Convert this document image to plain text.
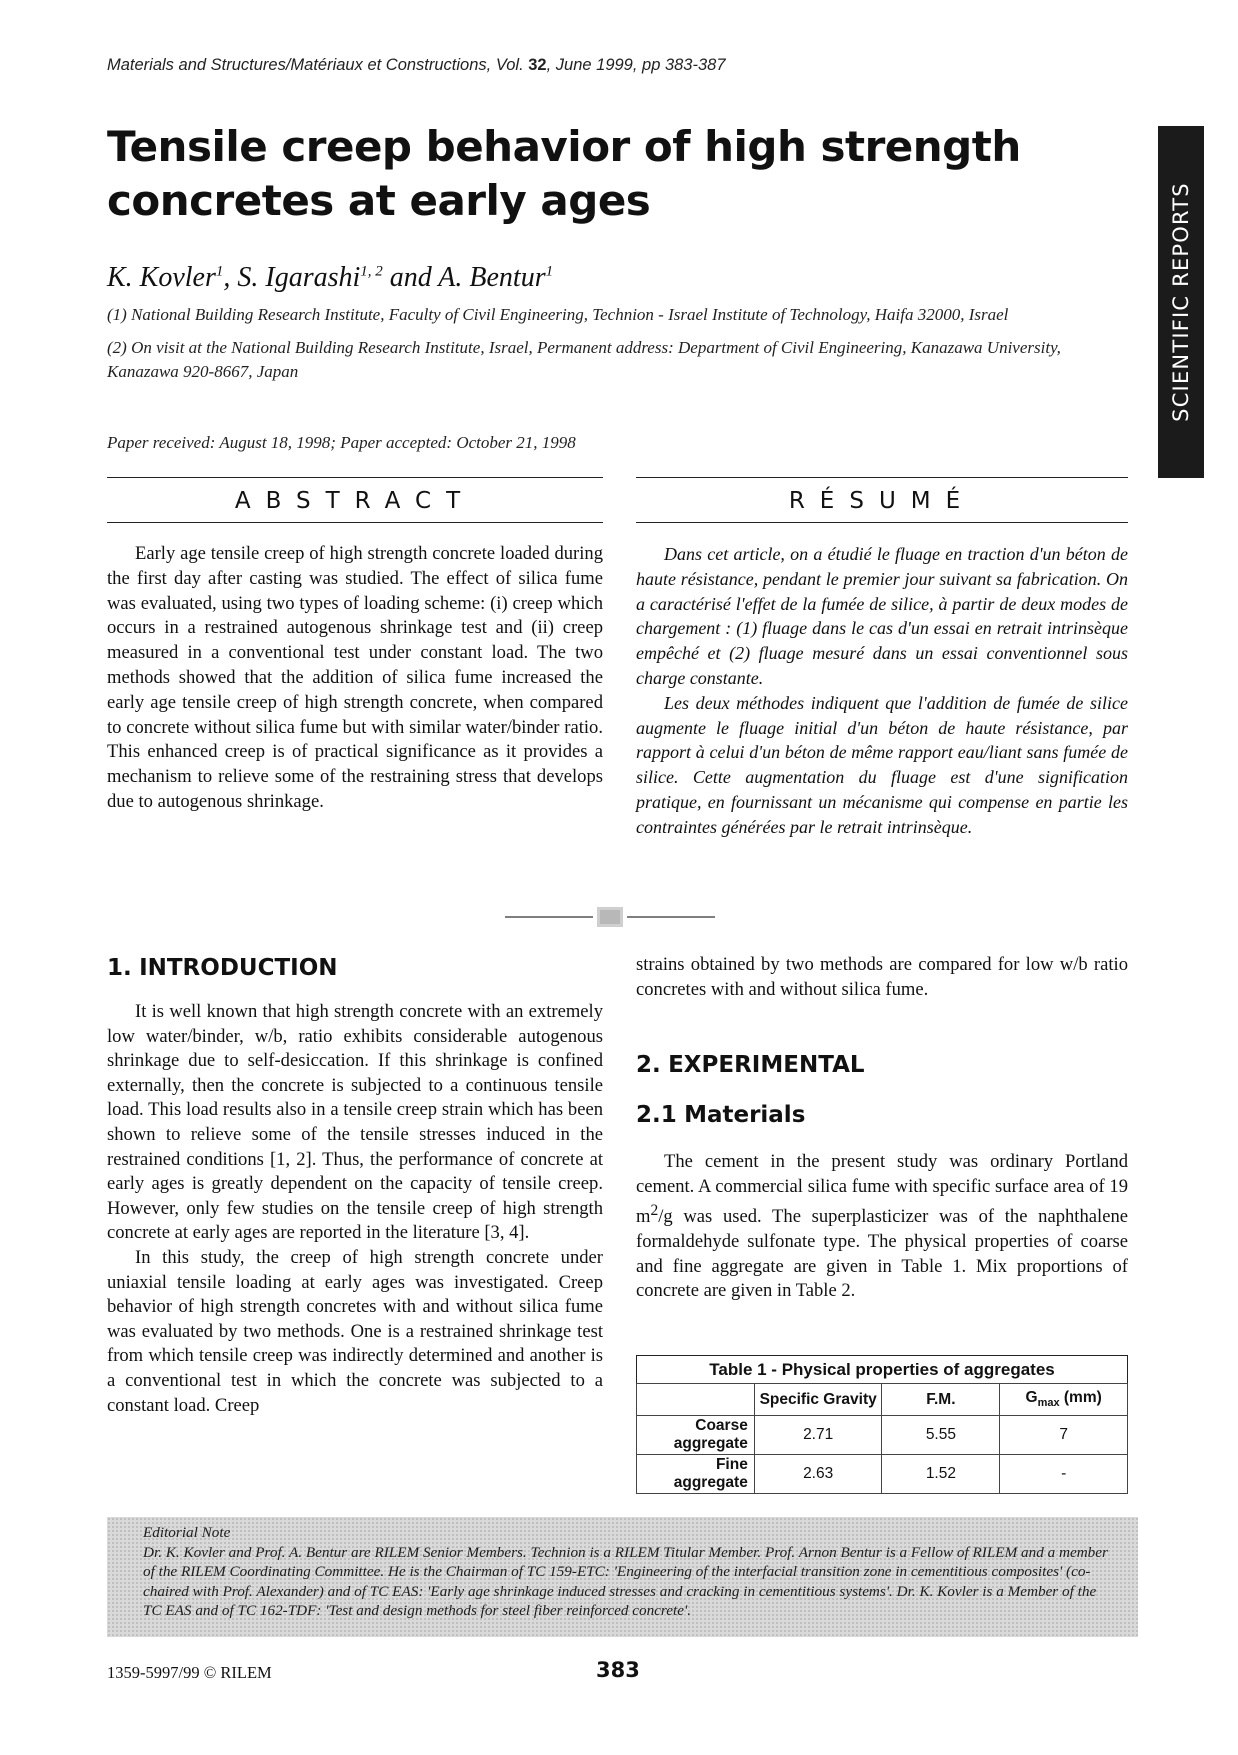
Materials and Structures/Matériaux et Constructions, Vol. 32, June 1999, pp 383-387
Tensile creep behavior of high strength concretes at early ages	SCIENTIFIC REPORTS
K. Kovler$^1$, S. Igarashi$^{1, 2}$ and A. Bentur$^1$
(1) National Building Research Institute, Faculty of Civil Engineering, Technion - Israel Institute of Technology, Haifa 32000, Israel
(2) On visit at the National Building Research Institute, Israel, Permanent address: Department of Civil Engineering, Kanazawa University, Kanazawa 920-8667, Japan
Paper received: August 18, 1998; Paper accepted: October 21, 1998
ABSTRACT	RÉSUMÉ

Early age tensile creep of high strength concrete loaded during the first day after casting was studied. The effect of silica fume was evaluated, using two types of loading scheme: (i) creep which occurs in a restrained autogenous shrinkage test and (ii) creep measured in a conventional test under constant load. The two methods showed that the addition of silica fume increased the early age tensile creep of high strength concrete, when compared to concrete without silica fume but with similar water/binder ratio. This enhanced creep is of practical significance as it provides a mechanism to relieve some of the restraining stress that develops due to autogenous shrinkage.

Dans cet article, on a étudié le fluage en traction d'un béton de haute résistance, pendant le premier jour suivant sa fabrication. On a caractérisé l'effet de la fumée de silice, à partir de deux modes de chargement : (1) fluage dans le cas d'un essai en retrait intrinsèque empêché et (2) fluage mesuré dans un essai conventionnel sous charge constante.

Les deux méthodes indiquent que l'addition de fumée de silice augmente le fluage initial d'un béton de haute résistance, par rapport à celui d'un béton de même rapport eau/liant sans fumée de silice. Cette augmentation du fluage est d'une signification pratique, en fournissant un mécanisme qui compense en partie les contraintes générées par le retrait intrinsèque.

1. INTRODUCTION

It is well known that high strength concrete with an extremely low water/binder, w/b, ratio exhibits considerable autogenous shrinkage due to self-desiccation. If this shrinkage is confined externally, then the concrete is subjected to a continuous tensile load. This load results also in a tensile creep strain which has been shown to relieve some of the tensile stresses induced in the restrained conditions [1, 2]. Thus, the performance of concrete at early ages is greatly dependent on the capacity of tensile creep. However, only few studies on the tensile creep of high strength concrete at early ages are reported in the literature [3, 4].

In this study, the creep of high strength concrete under uniaxial tensile loading at early ages was investigated. Creep behavior of high strength concretes with and without silica fume was evaluated by two methods. One is a restrained shrinkage test from which tensile creep was indirectly determined and another is a conventional test in which the concrete was subjected to a constant load. Creep

strains obtained by two methods are compared for low w/b ratio concretes with and without silica fume.

2. EXPERIMENTAL
2.1 Materials

The cement in the present study was ordinary Portland cement. A commercial silica fume with specific surface area of 19 $m^2/g$ was used. The superplasticizer was of the naphthalene formaldehyde sulfonate type. The physical properties of coarse and fine aggregate are given in Table 1. Mix proportions of concrete are given in Table 2.

Table 1 - Physical properties of aggregates
	Specific Gravity	F.M.	$G_{max}$ (mm)
Coarse aggregate	2.71	5.55	7
Fine aggregate	2.63	1.52	-
Editorial Note
Dr. K. Kovler and Prof. A. Bentur are RILEM Senior Members. Technion is a RILEM Titular Member. Prof. Arnon Bentur is a Fellow of RILEM and a member of the RILEM Coordinating Committee. He is the Chairman of TC 159-ETC: 'Engineering of the interfacial transition zone in cementitious composites' (co-chaired with Prof. Alexander) and of TC EAS: 'Early age shrinkage induced stresses and cracking in cementitious systems'. Dr. K. Kovler is a Member of the TC EAS and of TC 162-TDF: 'Test and design methods for steel fiber reinforced concrete'.
1359-5997/99 © RILEM	383
